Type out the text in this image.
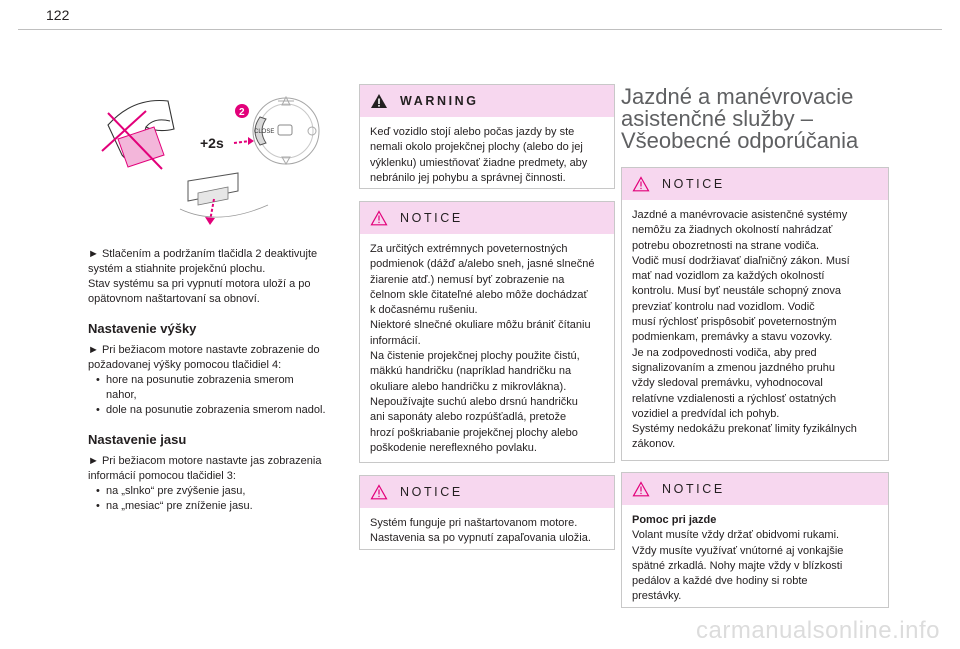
122
+2s
CLOSE
2

► Stlačením a podržaním tlačidla 2 deaktivujte

systém a stiahnite projekčnú plochu.

Stav systému sa pri vypnutí motora uloží a po

opätovnom naštartovaní sa obnoví.

Nastavenie výšky

► Pri bežiacom motore nastavte zobrazenie do

požadovanej výšky pomocou tlačidiel 4:

• hore na posunutie zobrazenia smerom
nahor,
• dole na posunutie zobrazenia smerom nadol.
Nastavenie jasu

► Pri bežiacom motore nastavte jas zobrazenia

informácií pomocou tlačidiel 3:

• na „slnko“ pre zvýšenie jasu,
• na „mesiac“ pre zníženie jasu.
WARNING
Keď vozidlo stojí alebo počas jazdy by ste
nemali okolo projekčnej plochy (alebo do jej
výklenku) umiestňovať žiadne predmety, aby
nebránilo jej pohybu a správnej činnosti.
NOTICE
Za určitých extrémnych poveternostných
podmienok (dážď a/alebo sneh, jasné slnečné
žiarenie atď.) nemusí byť zobrazenie na
čelnom skle čitateľné alebo môže dochádzať
k dočasnému rušeniu.
Niektoré slnečné okuliare môžu brániť čítaniu
informácií.
Na čistenie projekčnej plochy použite čistú,
mäkkú handričku (napríklad handričku na
okuliare alebo handričku z mikrovlákna).
Nepoužívajte suchú alebo drsnú handričku
ani saponáty alebo rozpúšťadlá, pretože
hrozí poškriabanie projekčnej plochy alebo
poškodenie nereflexného povlaku.
NOTICE
Systém funguje pri naštartovanom motore.
Nastavenia sa po vypnutí zapaľovania uložia.
Jazdné a manévrovacie
asistenčné služby –
Všeobecné odporúčania
NOTICE
Jazdné a manévrovacie asistenčné systémy
nemôžu za žiadnych okolností nahrádzať
potrebu obozretnosti na strane vodiča.
Vodič musí dodržiavať diaľničný zákon. Musí
mať nad vozidlom za každých okolností
kontrolu. Musí byť neustále schopný znova
prevziať kontrolu nad vozidlom. Vodič
musí rýchlosť prispôsobiť poveternostným
podmienkam, premávky a stavu vozovky.
Je na zodpovednosti vodiča, aby pred
signalizovaním a zmenou jazdného pruhu
vždy sledoval premávku, vyhodnocoval
relatívne vzdialenosti a rýchlosť ostatných
vozidiel a predvídal ich pohyb.
Systémy nedokážu prekonať limity fyzikálnych
zákonov.
NOTICE
Pomoc pri jazde
Volant musíte vždy držať obidvomi rukami.
Vždy musíte využívať vnútorné aj vonkajšie
spätné zrkadlá. Nohy majte vždy v blízkosti
pedálov a každé dve hodiny si robte
prestávky.
carmanualsonline.info
